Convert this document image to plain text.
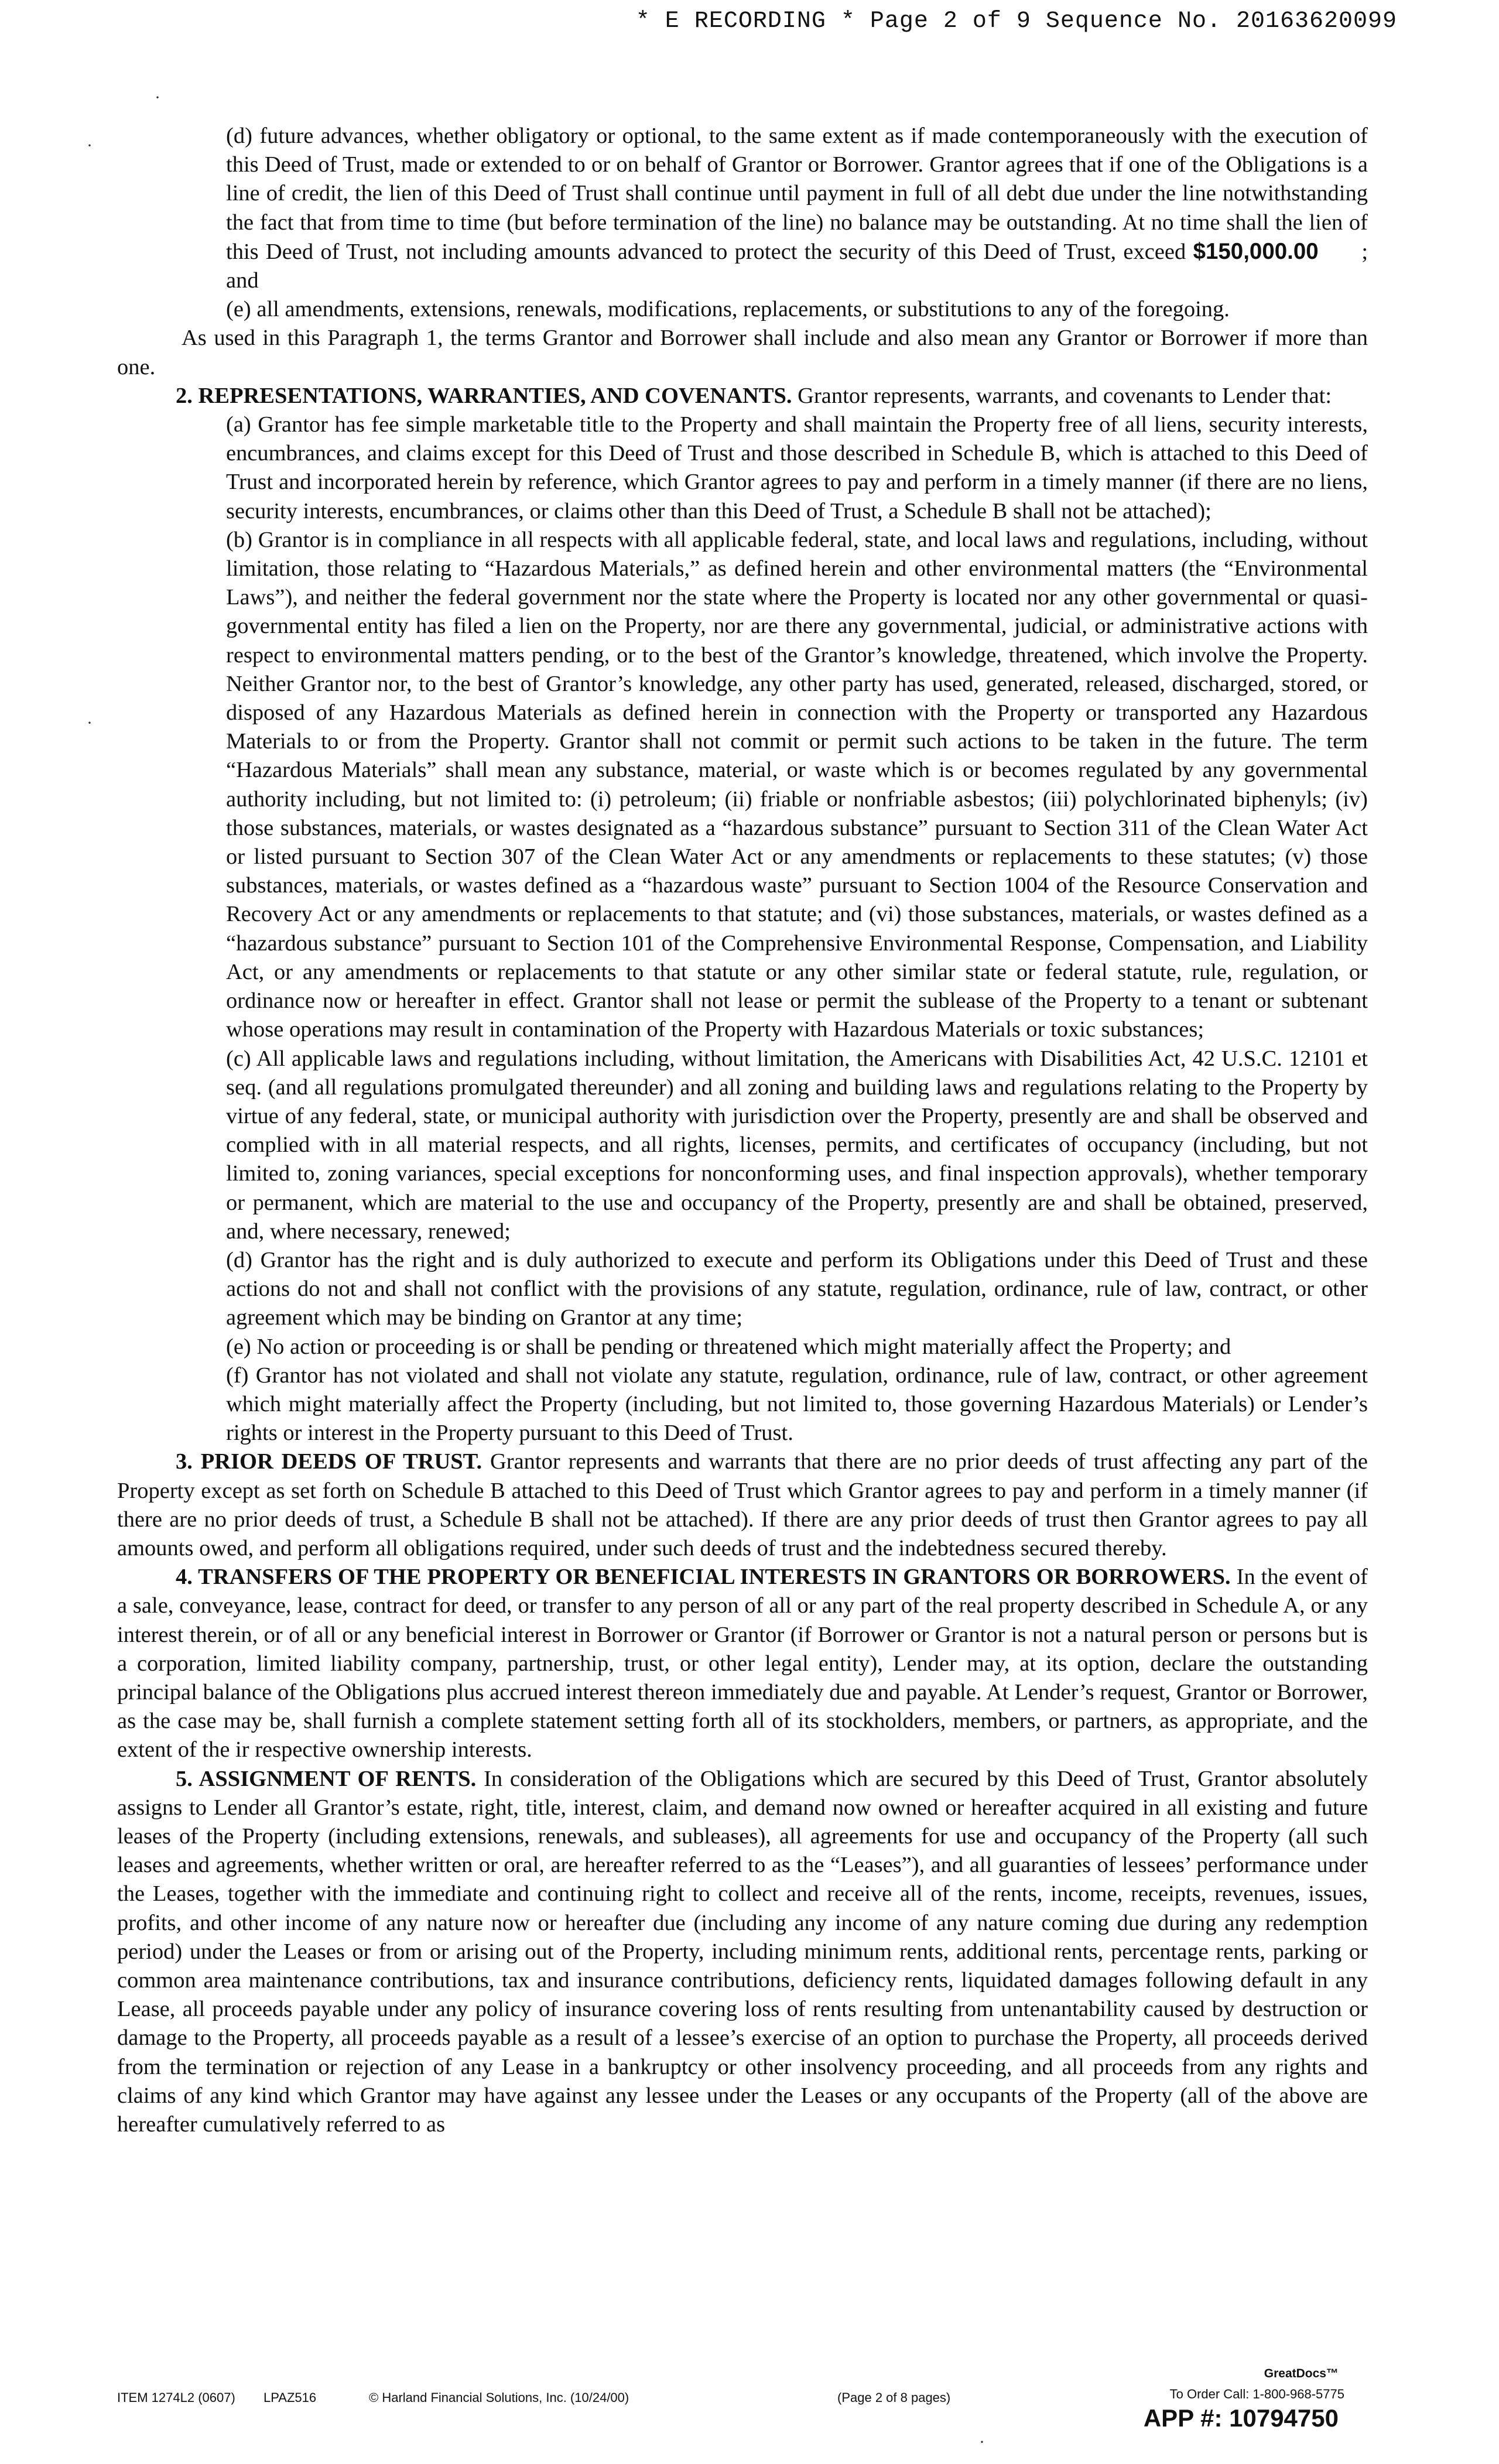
* E RECORDING * Page 2 of 9 Sequence No. 20163620099

(d) future advances, whether obligatory or optional, to the same extent as if made contemporaneously with the execution of this Deed of Trust, made or extended to or on behalf of Grantor or Borrower. Grantor agrees that if one of the Obligations is a line of credit, the lien of this Deed of Trust shall continue until payment in full of all debt due under the line notwithstanding the fact that from time to time (but before termination of the line) no balance may be outstanding. At no time shall the lien of this Deed of Trust, not including amounts advanced to protect the security of this Deed of Trust, exceed $150,000.00 ; and

(e) all amendments, extensions, renewals, modifications, replacements, or substitutions to any of the foregoing.

As used in this Paragraph 1, the terms Grantor and Borrower shall include and also mean any Grantor or Borrower if more than one.

2. REPRESENTATIONS, WARRANTIES, AND COVENANTS. Grantor represents, warrants, and covenants to Lender that:

(a) Grantor has fee simple marketable title to the Property and shall maintain the Property free of all liens, security interests, encumbrances, and claims except for this Deed of Trust and those described in Schedule B, which is attached to this Deed of Trust and incorporated herein by reference, which Grantor agrees to pay and perform in a timely manner (if there are no liens, security interests, encumbrances, or claims other than this Deed of Trust, a Schedule B shall not be attached);

(b) Grantor is in compliance in all respects with all applicable federal, state, and local laws and regulations, including, without limitation, those relating to “Hazardous Materials,” as defined herein and other environmental matters (the “Environmental Laws”), and neither the federal government nor the state where the Property is located nor any other governmental or quasi-governmental entity has filed a lien on the Property, nor are there any governmental, judicial, or administrative actions with respect to environmental matters pending, or to the best of the Grantor’s knowledge, threatened, which involve the Property. Neither Grantor nor, to the best of Grantor’s knowledge, any other party has used, generated, released, discharged, stored, or disposed of any Hazardous Materials as defined herein in connection with the Property or transported any Hazardous Materials to or from the Property. Grantor shall not commit or permit such actions to be taken in the future. The term “Hazardous Materials” shall mean any substance, material, or waste which is or becomes regulated by any governmental authority including, but not limited to: (i) petroleum; (ii) friable or nonfriable asbestos; (iii) polychlorinated biphenyls; (iv) those substances, materials, or wastes designated as a “hazardous substance” pursuant to Section 311 of the Clean Water Act or listed pursuant to Section 307 of the Clean Water Act or any amendments or replacements to these statutes; (v) those substances, materials, or wastes defined as a “hazardous waste” pursuant to Section 1004 of the Resource Conservation and Recovery Act or any amendments or replacements to that statute; and (vi) those substances, materials, or wastes defined as a “hazardous substance” pursuant to Section 101 of the Comprehensive Environmental Response, Compensation, and Liability Act, or any amendments or replacements to that statute or any other similar state or federal statute, rule, regulation, or ordinance now or hereafter in effect. Grantor shall not lease or permit the sublease of the Property to a tenant or subtenant whose operations may result in contamination of the Property with Hazardous Materials or toxic substances;

(c) All applicable laws and regulations including, without limitation, the Americans with Disabilities Act, 42 U.S.C. 12101 et seq. (and all regulations promulgated thereunder) and all zoning and building laws and regulations relating to the Property by virtue of any federal, state, or municipal authority with jurisdiction over the Property, presently are and shall be observed and complied with in all material respects, and all rights, licenses, permits, and certificates of occupancy (including, but not limited to, zoning variances, special exceptions for nonconforming uses, and final inspection approvals), whether temporary or permanent, which are material to the use and occupancy of the Property, presently are and shall be obtained, preserved, and, where necessary, renewed;

(d) Grantor has the right and is duly authorized to execute and perform its Obligations under this Deed of Trust and these actions do not and shall not conflict with the provisions of any statute, regulation, ordinance, rule of law, contract, or other agreement which may be binding on Grantor at any time;

(e) No action or proceeding is or shall be pending or threatened which might materially affect the Property; and

(f) Grantor has not violated and shall not violate any statute, regulation, ordinance, rule of law, contract, or other agreement which might materially affect the Property (including, but not limited to, those governing Hazardous Materials) or Lender’s rights or interest in the Property pursuant to this Deed of Trust.

3. PRIOR DEEDS OF TRUST. Grantor represents and warrants that there are no prior deeds of trust affecting any part of the Property except as set forth on Schedule B attached to this Deed of Trust which Grantor agrees to pay and perform in a timely manner (if there are no prior deeds of trust, a Schedule B shall not be attached). If there are any prior deeds of trust then Grantor agrees to pay all amounts owed, and perform all obligations required, under such deeds of trust and the indebtedness secured thereby.

4. TRANSFERS OF THE PROPERTY OR BENEFICIAL INTERESTS IN GRANTORS OR BORROWERS. In the event of a sale, conveyance, lease, contract for deed, or transfer to any person of all or any part of the real property described in Schedule A, or any interest therein, or of all or any beneficial interest in Borrower or Grantor (if Borrower or Grantor is not a natural person or persons but is a corporation, limited liability company, partnership, trust, or other legal entity), Lender may, at its option, declare the outstanding principal balance of the Obligations plus accrued interest thereon immediately due and payable. At Lender’s request, Grantor or Borrower, as the case may be, shall furnish a complete statement setting forth all of its stockholders, members, or partners, as appropriate, and the extent of the ir respective ownership interests.

5. ASSIGNMENT OF RENTS. In consideration of the Obligations which are secured by this Deed of Trust, Grantor absolutely assigns to Lender all Grantor’s estate, right, title, interest, claim, and demand now owned or hereafter acquired in all existing and future leases of the Property (including extensions, renewals, and subleases), all agreements for use and occupancy of the Property (all such leases and agreements, whether written or oral, are hereafter referred to as the “Leases”), and all guaranties of lessees’ performance under the Leases, together with the immediate and continuing right to collect and receive all of the rents, income, receipts, revenues, issues, profits, and other income of any nature now or hereafter due (including any income of any nature coming due during any redemption period) under the Leases or from or arising out of the Property, including minimum rents, additional rents, percentage rents, parking or common area maintenance contributions, tax and insurance contributions, deficiency rents, liquidated damages following default in any Lease, all proceeds payable under any policy of insurance covering loss of rents resulting from untenantability caused by destruction or damage to the Property, all proceeds payable as a result of a lessee’s exercise of an option to purchase the Property, all proceeds derived from the termination or rejection of any Lease in a bankruptcy or other insolvency proceeding, and all proceeds from any rights and claims of any kind which Grantor may have against any lessee under the Leases or any occupants of the Property (all of the above are hereafter cumulatively referred to as

ITEM 1274L2 (0607) LPAZ516	© Harland Financial Solutions, Inc. (10/24/00)	(Page 2 of 8 pages)
GreatDocs™
To Order Call: 1-800-968-5775
APP #: 10794750
·
·
·
·
